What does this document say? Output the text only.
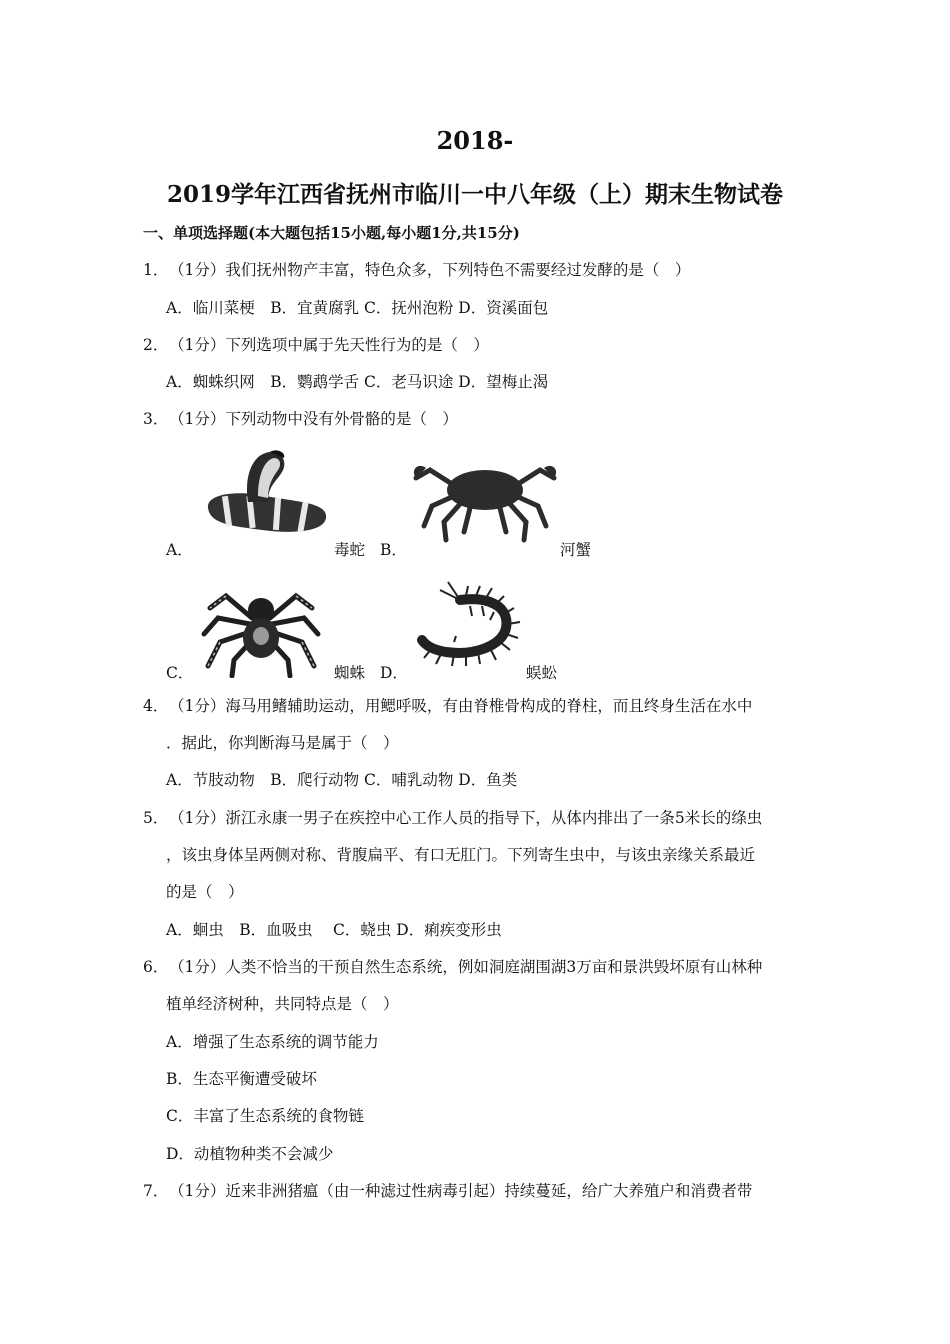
2018-
2019学年江西省抚州市临川一中八年级（上）期末生物试卷
一、单项选择题(本大题包括15小题,每小题1分,共15分)
1．（1分）我们抚州物产丰富，特色众多，下列特色不需要经过发酵的是（　）
A．临川菜梗　B．宜黄腐乳 C．抚州泡粉 D．资溪面包
2．（1分）下列选项中属于先天性行为的是（　）
A．蜘蛛织网　B．鹦鹉学舌 C．老马识途 D．望梅止渴
3．（1分）下列动物中没有外骨骼的是（　）
A．	毒蛇 B．	河蟹
C．	蜘蛛 D．	蜈蚣
4．（1分）海马用鳍辅助运动，用鳃呼吸，有由脊椎骨构成的脊柱，而且终身生活在水中
．据此，你判断海马是属于（　）
A．节肢动物　B．爬行动物 C．哺乳动物 D．鱼类
5．（1分）浙江永康一男子在疾控中心工作人员的指导下，从体内排出了一条5米长的绦虫
，该虫身体呈两侧对称、背腹扁平、有口无肛门。下列寄生虫中，与该虫亲缘关系最近
的是（　）
A．蛔虫　B．血吸虫　 C．蛲虫 D．痢疾变形虫
6．（1分）人类不恰当的干预自然生态系统，例如洞庭湖围湖3万亩和景洪毁坏原有山林种
植单经济树种，共同特点是（　）
A．增强了生态系统的调节能力
B．生态平衡遭受破坏
C．丰富了生态系统的食物链
D．动植物种类不会减少
7．（1分）近来非洲猪瘟（由一种滤过性病毒引起）持续蔓延，给广大养殖户和消费者带
